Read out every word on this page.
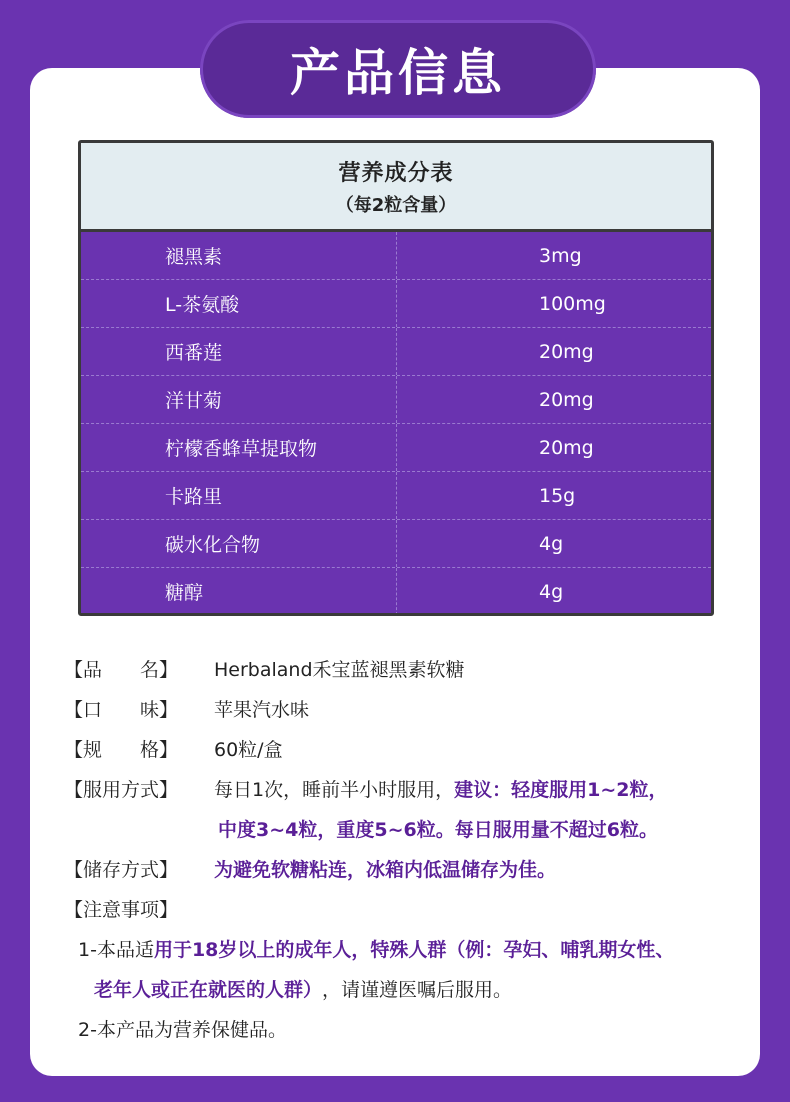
产品信息
营养成分表
（每2粒含量）
褪黑素	3mg
L-茶氨酸	100mg
西番莲	20mg
洋甘菊	20mg
柠檬香蜂草提取物	20mg
卡路里	15g
碳水化合物	4g
糖醇	4g
【品　　名】	Herbaland禾宝蓝褪黑素软糖
【口　　味】	苹果汽水味
【规　　格】	60粒/盒
【服用方式】	每日1次，睡前半小时服用， 建议：轻度服用1~2粒，
中度3~4粒，重度5~6粒。每日服用量不超过6粒。
【储存方式】	为避免软糖粘连，冰箱内低温储存为佳。
【注意事项】
1-本品适 用于18岁以上的成年人，特殊人群（例：孕妇、哺乳期女性、
老年人或正在就医的人群） ，请谨遵医嘱后服用。
2-本产品为营养保健品。
